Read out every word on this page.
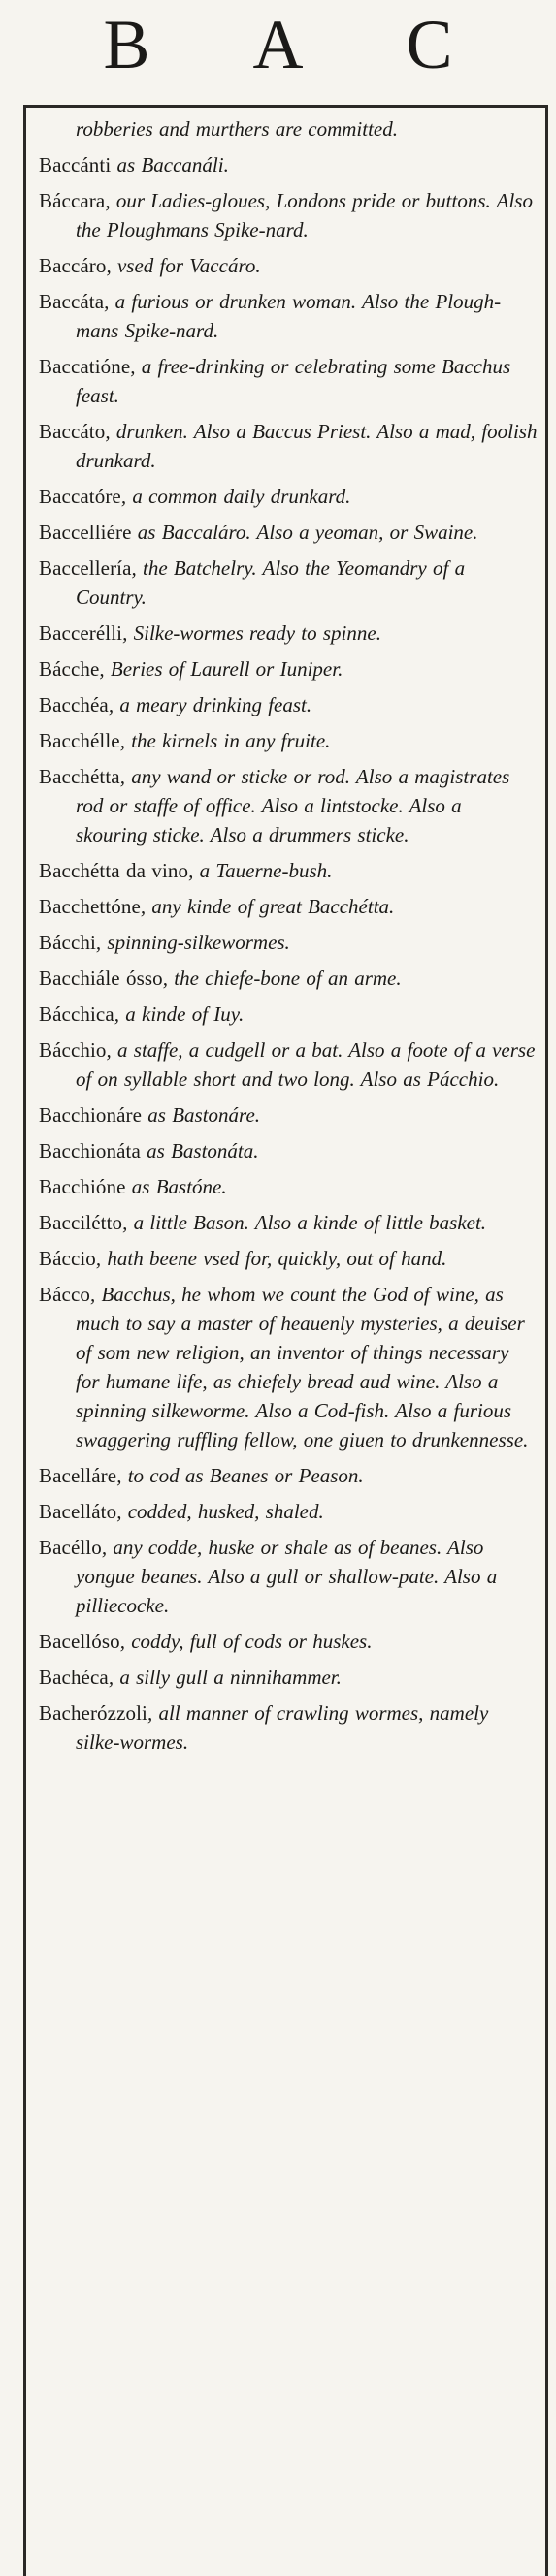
B A C
robberies and murthers are committed.
Baccánti as Baccanáli.
Báccara, our Ladies-gloues, Londons pride or buttons. Also the Ploughmans Spike-nard.
Baccáro, vsed for Vaccáro.
Baccáta, a furious or drunken woman. Also the Plough-mans Spike-nard.
Baccatióne, a free-drinking or celebrating some Bacchus feast.
Baccáto, drunken. Also a Baccus Priest. Also a mad, foolish drunkard.
Baccatóre, a common daily drunkard.
Baccelliére as Baccaláro. Also a yeoman, or Swaine.
Baccellería, the Batchelry. Also the Yeomandry of a Country.
Baccerélli, Silke-wormes ready to spinne.
Bácche, Beries of Laurell or Iuniper.
Bacchéa, a meary drinking feast.
Bacchélle, the kirnels in any fruite.
Bacchétta, any wand or sticke or rod. Also a magistrates rod or staffe of office. Also a lintstocke. Also a skouring sticke. Also a drummers sticke.
Bacchétta da vino, a Tauerne-bush.
Bacchettóne, any kinde of great Bacchétta.
Bácchi, spinning-silkewormes.
Bacchiále ósso, the chiefe-bone of an arme.
Bácchica, a kinde of Iuy.
Bácchio, a staffe, a cudgell or a bat. Also a foote of a verse of on syllable short and two long. Also as Pácchio.
Bacchionáre as Bastonáre.
Bacchionáta as Bastonáta.
Bacchióne as Bastóne.
Baccilétto, a little Bason. Also a kinde of little basket.
Báccio, hath beene vsed for, quickly, out of hand.
Bácco, Bacchus, he whom we count the God of wine, as much to say a master of heauenly mysteries, a deuiser of som new religion, an inventor of things necessary for humane life, as chiefely bread aud wine. Also a spinning silkeworme. Also a Cod-fish. Also a furious swaggering ruffling fellow, one giuen to drunkennesse.
Bacelláre, to cod as Beanes or Peason.
Bacelláto, codded, husked, shaled.
Bacéllo, any codde, huske or shale as of beanes. Also yongue beanes. Also a gull or shallow-pate. Also a pilliecocke.
Bacellóso, coddy, full of cods or huskes.
Bachéca, a silly gull a ninnihammer.
Bacherózzoli, all manner of crawling wormes, namely silke-wormes.
